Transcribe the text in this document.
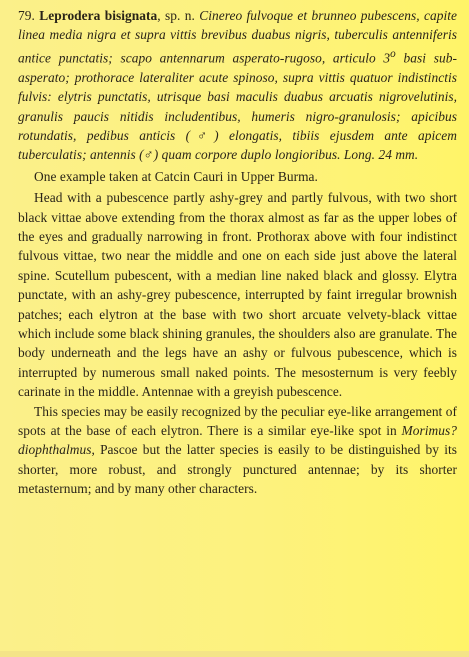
79. Leprodera bisignata, sp. n. Cinereo fulvoque et brunneo pubescens, capite linea media nigra et supra vittis brevibus duabus nigris, tuberculis antenniferis antice punctatis; scapo antennarum asperato-rugoso, articulo 3$^o$ basi sub-asperato; prothorace lateraliter acute spinoso, supra vittis quatuor indistinctis fulvis: elytris punctatis, utrisque basi maculis duabus arcuatis nigrovelutinis, granulis paucis nitidis includentibus, humeris nigro-granulosis; apicibus rotundatis, pedibus anticis (♂) elongatis, tibiis ejusdem ante apicem tuberculatis; antennis (♂) quam corpore duplo longioribus. Long. 24 mm.

One example taken at Catcin Cauri in Upper Burma.

Head with a pubescence partly ashy-grey and partly fulvous, with two short black vittae above extending from the thorax almost as far as the upper lobes of the eyes and gradually narrowing in front. Prothorax above with four indistinct fulvous vittae, two near the middle and one on each side just above the lateral spine. Scutellum pubescent, with a median line naked black and glossy. Elytra punctate, with an ashy-grey pubescence, interrupted by faint irregular brownish patches; each elytron at the base with two short arcuate velvety-black vittae which include some black shining granules, the shoulders also are granulate. The body underneath and the legs have an ashy or fulvous pubescence, which is interrupted by numerous small naked points. The mesosternum is very feebly carinate in the middle. Antennae with a greyish pubescence.

This species may be easily recognized by the peculiar eye-like arrangement of spots at the base of each elytron. There is a similar eye-like spot in Morimus? diophthalmus, Pascoe but the latter species is easily to be distinguished by its shorter, more robust, and strongly punctured antennae; by its shorter metasternum; and by many other characters.
